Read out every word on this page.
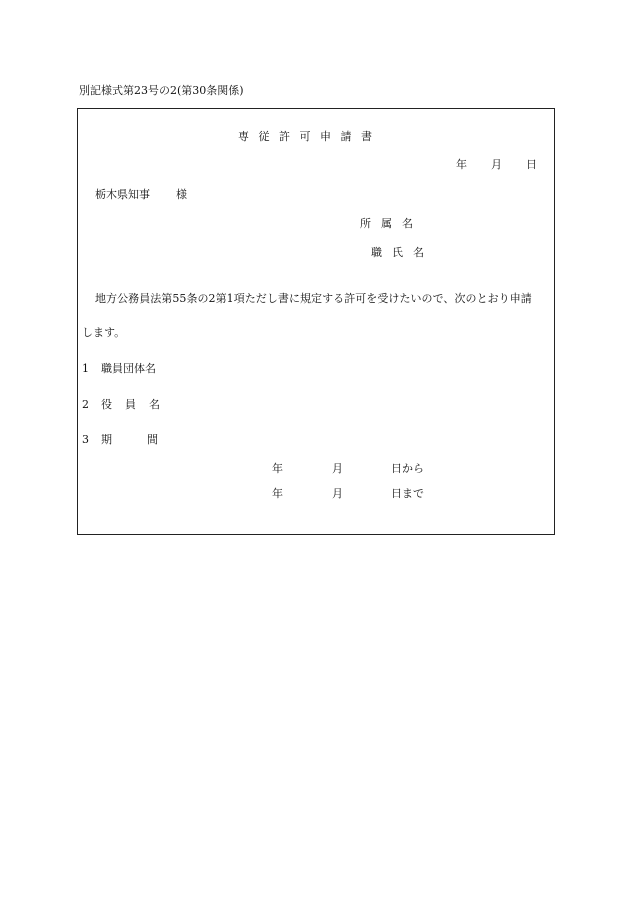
別記様式第23号の2(第30条関係)
専従許可申請書
年 月 日
栃木県知事 様
所属名
職氏名
地方公務員法第55条の2第1項ただし書に規定する許可を受けたいので、次のとおり申請
します。
1 職員団体名
2 役員名
3 期間
年	月	日から
年	月	日まで
